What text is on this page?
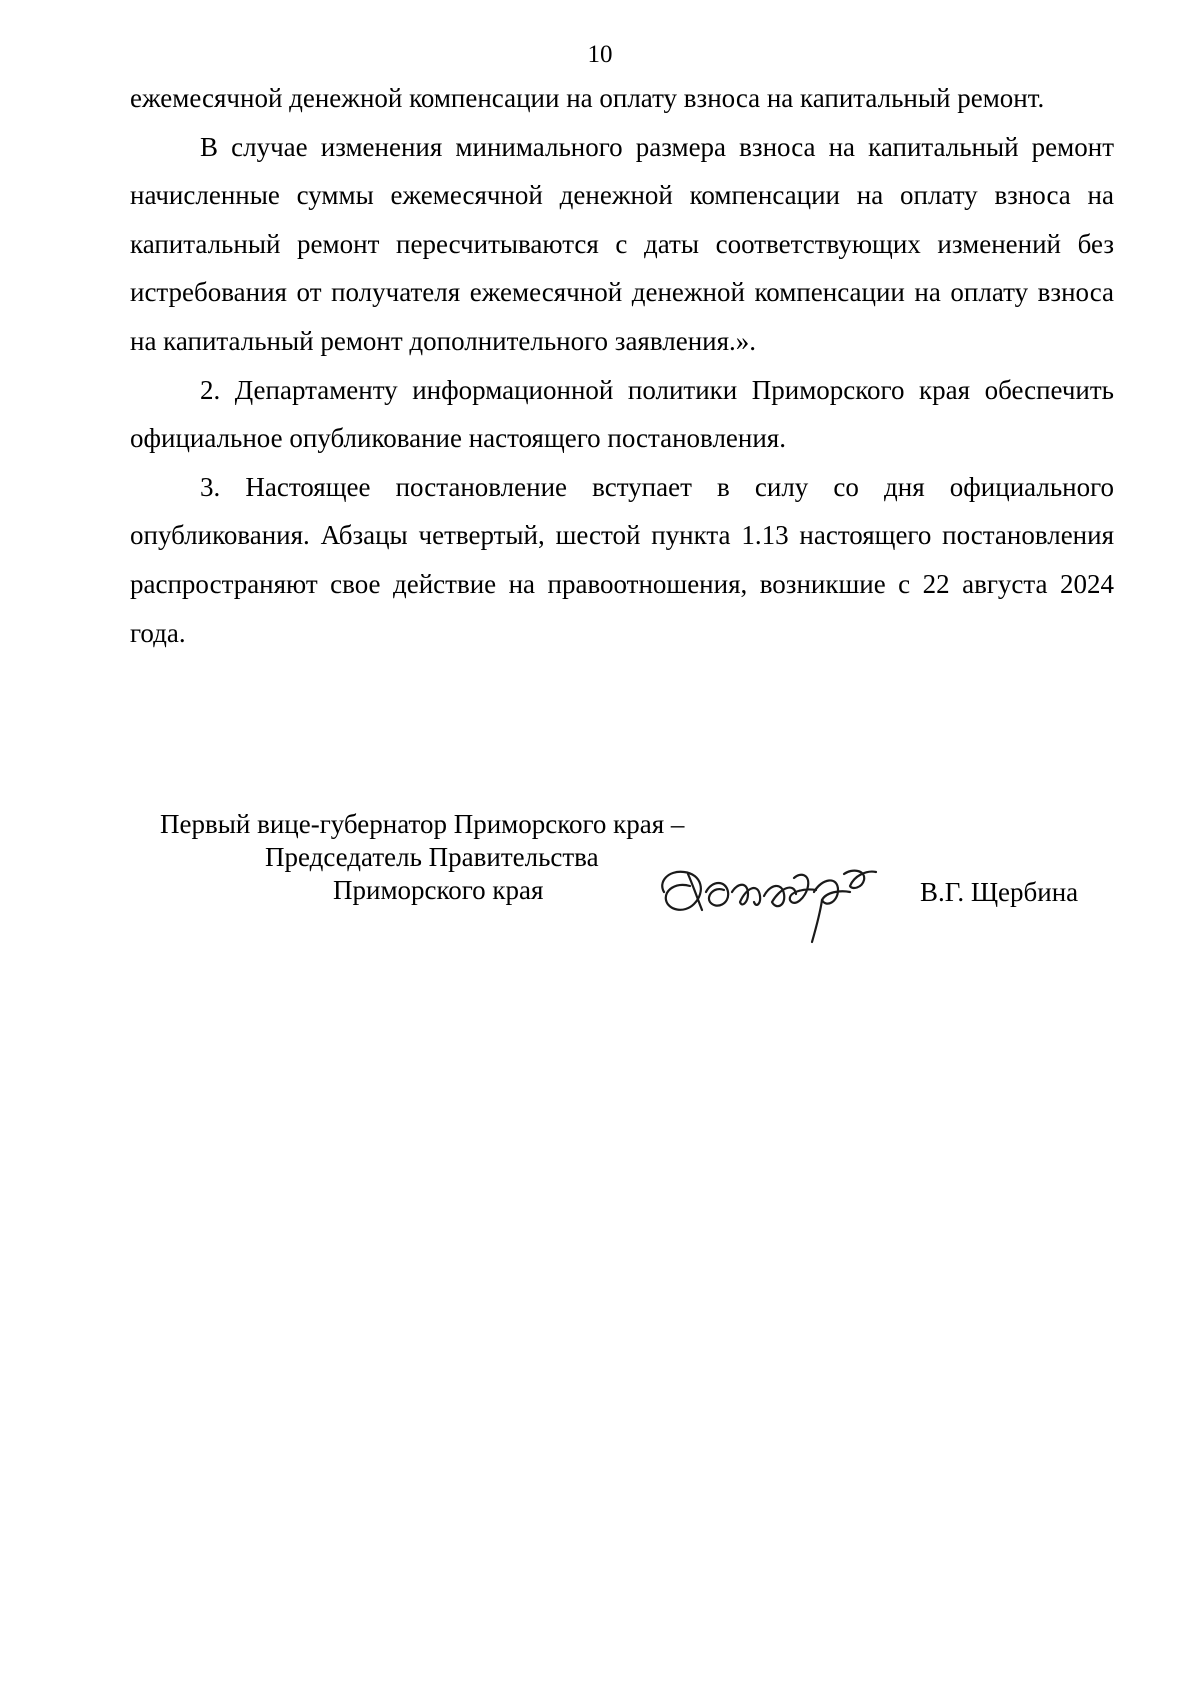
10

ежемесячной денежной компенсации на оплату взноса на капитальный ремонт.

В случае изменения минимального размера взноса на капитальный ремонт начисленные суммы ежемесячной денежной компенсации на оплату взноса на капитальный ремонт пересчитываются с даты соответствующих изменений без истребования от получателя ежемесячной денежной компенсации на оплату взноса на капитальный ремонт дополнительного заявления.».

2. Департаменту информационной политики Приморского края обеспечить официальное опубликование настоящего постановления.

3. Настоящее постановление вступает в силу со дня официального опубликования. Абзацы четвертый, шестой пункта 1.13 настоящего постановления распространяют свое действие на правоотношения, возникшие с 22 августа 2024 года.

Первый вице-губернатор Приморского края –
Председатель Правительства
Приморского края	В.Г. Щербина
